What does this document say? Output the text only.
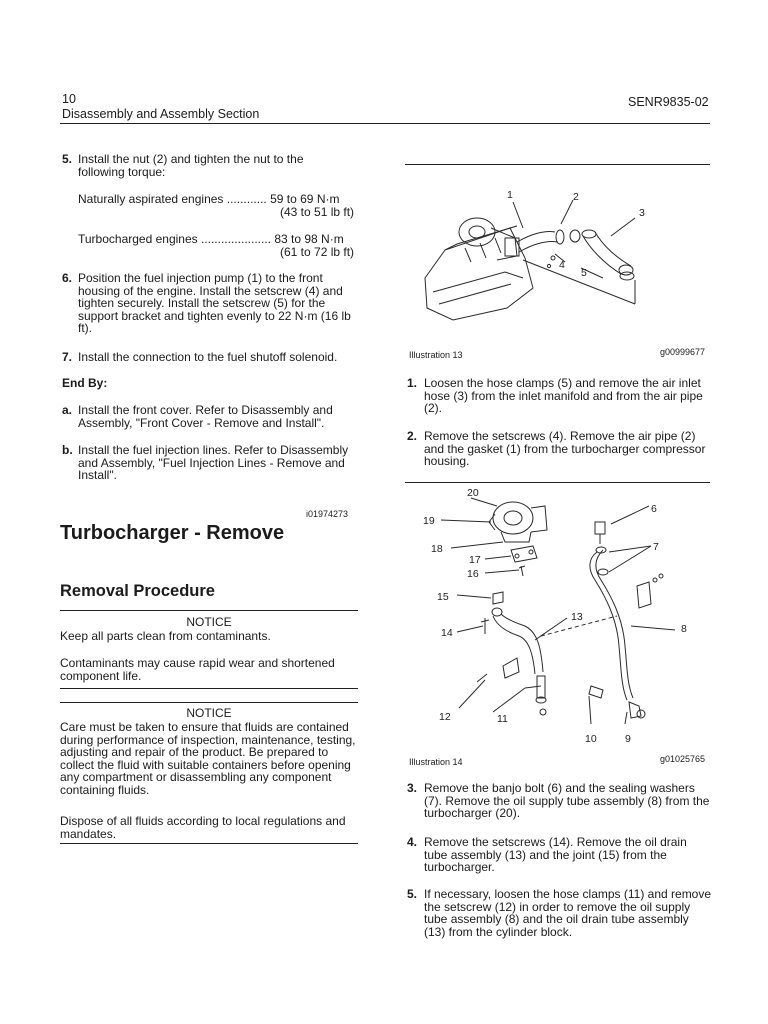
10
Disassembly and Assembly Section
SENR9835-02
5. Install the nut (2) and tighten the nut to the following torque:
Naturally aspirated engines ............ 59 to 69 N·m
(43 to 51 lb ft)
Turbocharged engines ..................... 83 to 98 N·m
(61 to 72 lb ft)
6. Position the fuel injection pump (1) to the front housing of the engine. Install the setscrew (4) and tighten securely. Install the setscrew (5) for the support bracket and tighten evenly to 22 N·m (16 lb ft).
7. Install the connection to the fuel shutoff solenoid.
End By:
a. Install the front cover. Refer to Disassembly and Assembly, "Front Cover - Remove and Install".
b. Install the fuel injection lines. Refer to Disassembly and Assembly, "Fuel Injection Lines - Remove and Install".
i01974273
Turbocharger - Remove
Removal Procedure
NOTICE
Keep all parts clean from contaminants.
Contaminants may cause rapid wear and shortened component life.
NOTICE
Care must be taken to ensure that fluids are contained during performance of inspection, maintenance, testing, adjusting and repair of the product. Be prepared to collect the fluid with suitable containers before opening any compartment or disassembling any component containing fluids.
Dispose of all fluids according to local regulations and mandates.
1	2
3
4
5
Illustration 13	g00999677
1. Loosen the hose clamps (5) and remove the air inlet hose (3) from the inlet manifold and from the air pipe (2).
2. Remove the setscrews (4). Remove the air pipe (2) and the gasket (1) from the turbocharger compressor housing.
20
6
19
7
18
17
16
15
13
8
14
12	11
10	9
Illustration 14	g01025765
3. Remove the banjo bolt (6) and the sealing washers (7). Remove the oil supply tube assembly (8) from the turbocharger (20).
4. Remove the setscrews (14). Remove the oil drain tube assembly (13) and the joint (15) from the turbocharger.
5. If necessary, loosen the hose clamps (11) and remove the setscrew (12) in order to remove the oil supply tube assembly (8) and the oil drain tube assembly (13) from the cylinder block.
